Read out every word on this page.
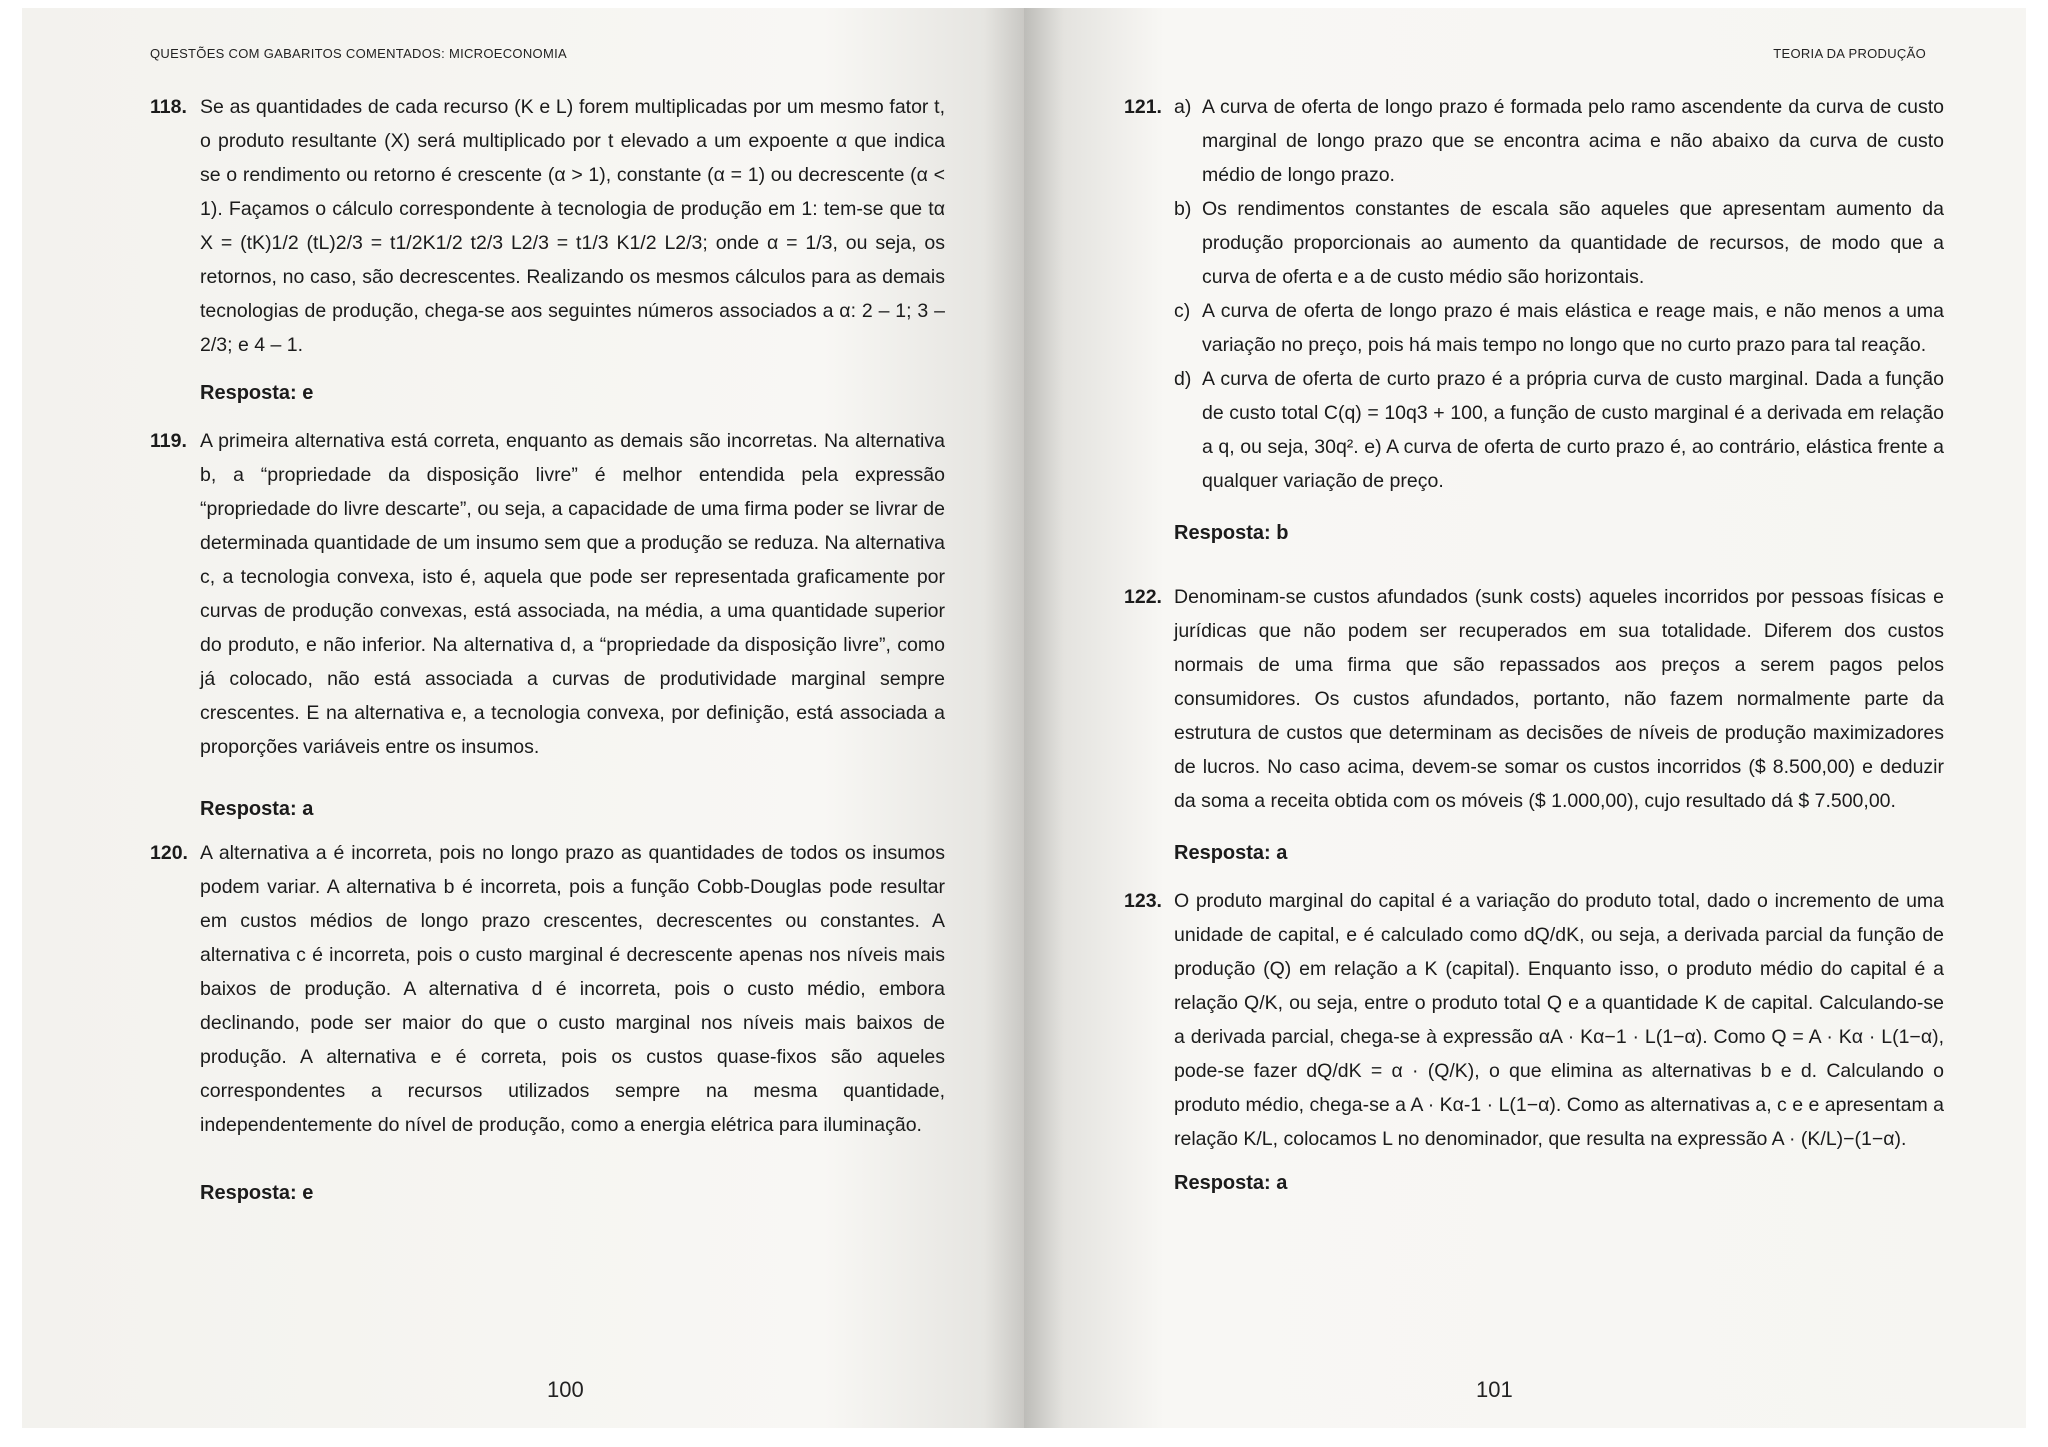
QUESTÕES COM GABARITOS COMENTADOS: MICROECONOMIA
118. Se as quantidades de cada recurso (K e L) forem multiplicadas por um mesmo fator t, o produto resultante (X) será multiplicado por t elevado a um expoente α que indica se o rendimento ou retorno é crescente (α > 1), constante (α = 1) ou decrescente (α < 1). Façamos o cálculo correspondente à tecnologia de produção em 1: tem-se que tα X = (tK)1/2 (tL)2/3 = t1/2K1/2 t2/3 L2/3 = t1/3 K1/2 L2/3; onde α = 1/3, ou seja, os retornos, no caso, são decrescentes. Realizando os mesmos cálculos para as demais tecnologias de produção, chega-se aos seguintes números associados a α: 2 – 1; 3 – 2/3; e 4 – 1.

Resposta: e

119. A primeira alternativa está correta, enquanto as demais são incorretas. Na alternativa b, a “propriedade da disposição livre” é melhor entendida pela expressão “propriedade do livre descarte”, ou seja, a capacidade de uma firma poder se livrar de determinada quantidade de um insumo sem que a produção se reduza. Na alternativa c, a tecnologia convexa, isto é, aquela que pode ser representada graficamente por curvas de produção convexas, está associada, na média, a uma quantidade superior do produto, e não inferior. Na alternativa d, a “propriedade da disposição livre”, como já colocado, não está associada a curvas de produtividade marginal sempre crescentes. E na alternativa e, a tecnologia convexa, por definição, está associada a proporções variáveis entre os insumos.

Resposta: a

120. A alternativa a é incorreta, pois no longo prazo as quantidades de todos os insumos podem variar. A alternativa b é incorreta, pois a função Cobb-Douglas pode resultar em custos médios de longo prazo crescentes, decrescentes ou constantes. A alternativa c é incorreta, pois o custo marginal é decrescente apenas nos níveis mais baixos de produção. A alternativa d é incorreta, pois o custo médio, embora declinando, pode ser maior do que o custo marginal nos níveis mais baixos de produção. A alternativa e é correta, pois os custos quase-fixos são aqueles correspondentes a recursos utilizados sempre na mesma quantidade, independentemente do nível de produção, como a energia elétrica para iluminação.

Resposta: e

100
TEORIA DA PRODUÇÃO
121. a) A curva de oferta de longo prazo é formada pelo ramo ascendente da curva de custo marginal de longo prazo que se encontra acima e não abaixo da curva de custo médio de longo prazo.
b) Os rendimentos constantes de escala são aqueles que apresentam aumento da produção proporcionais ao aumento da quantidade de recursos, de modo que a curva de oferta e a de custo médio são horizontais.
c) A curva de oferta de longo prazo é mais elástica e reage mais, e não menos a uma variação no preço, pois há mais tempo no longo que no curto prazo para tal reação.
d) A curva de oferta de curto prazo é a própria curva de custo marginal. Dada a função de custo total C(q) = 10q3 + 100, a função de custo marginal é a derivada em relação a q, ou seja, 30q². e) A curva de oferta de curto prazo é, ao contrário, elástica frente a qualquer variação de preço.

Resposta: b

122. Denominam-se custos afundados (sunk costs) aqueles incorridos por pessoas físicas e jurídicas que não podem ser recuperados em sua totalidade. Diferem dos custos normais de uma firma que são repassados aos preços a serem pagos pelos consumidores. Os custos afundados, portanto, não fazem normalmente parte da estrutura de custos que determinam as decisões de níveis de produção maximizadores de lucros. No caso acima, devem-se somar os custos incorridos ($ 8.500,00) e deduzir da soma a receita obtida com os móveis ($ 1.000,00), cujo resultado dá $ 7.500,00.

Resposta: a

123. O produto marginal do capital é a variação do produto total, dado o incremento de uma unidade de capital, e é calculado como dQ/dK, ou seja, a derivada parcial da função de produção (Q) em relação a K (capital). Enquanto isso, o produto médio do capital é a relação Q/K, ou seja, entre o produto total Q e a quantidade K de capital. Calculando-se a derivada parcial, chega-se à expressão αA · Kα−1 · L(1−α). Como Q = A · Kα · L(1−α), pode-se fazer dQ/dK = α · (Q/K), o que elimina as alternativas b e d. Calculando o produto médio, chega-se a A · Kα-1 · L(1−α). Como as alternativas a, c e e apresentam a relação K/L, colocamos L no denominador, que resulta na expressão A · (K/L)−(1−α).

Resposta: a

101
